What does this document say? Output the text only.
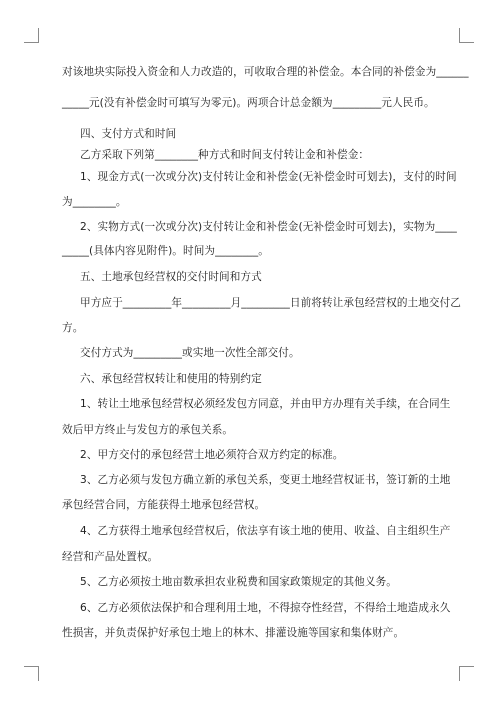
对该地块实际投入资金和人力改造的，可收取合理的补偿金。本合同的补偿金为______
_____元(没有补偿金时可填写为零元)。两项合计总金额为_________元人民币。
四、支付方式和时间
乙方采取下列第________种方式和时间支付转让金和补偿金：
1、现金方式(一次或分次)支付转让金和补偿金(无补偿金时可划去)，支付的时间
为________。
2、实物方式(一次或分次)支付转让金和补偿金(无补偿金时可划去)，实物为____
_____(具体内容见附件)。时间为________。
五、土地承包经营权的交付时间和方式
甲方应于_________年_________月_________日前将转让承包经营权的土地交付乙
方。
交付方式为_________或实地一次性全部交付。
六、承包经营权转让和使用的特别约定
1、转让土地承包经营权必须经发包方同意，并由甲方办理有关手续，在合同生
效后甲方终止与发包方的承包关系。
2、甲方交付的承包经营土地必须符合双方约定的标准。
3、乙方必须与发包方确立新的承包关系，变更土地经营权证书，签订新的土地
承包经营合同，方能获得土地承包经营权。
4、乙方获得土地承包经营权后，依法享有该土地的使用、收益、自主组织生产
经营和产品处置权。
5、乙方必须按土地亩数承担农业税费和国家政策规定的其他义务。
6、乙方必须依法保护和合理利用土地，不得掠夺性经营，不得给土地造成永久
性损害，并负责保护好承包土地上的林木、排灌设施等国家和集体财产。
